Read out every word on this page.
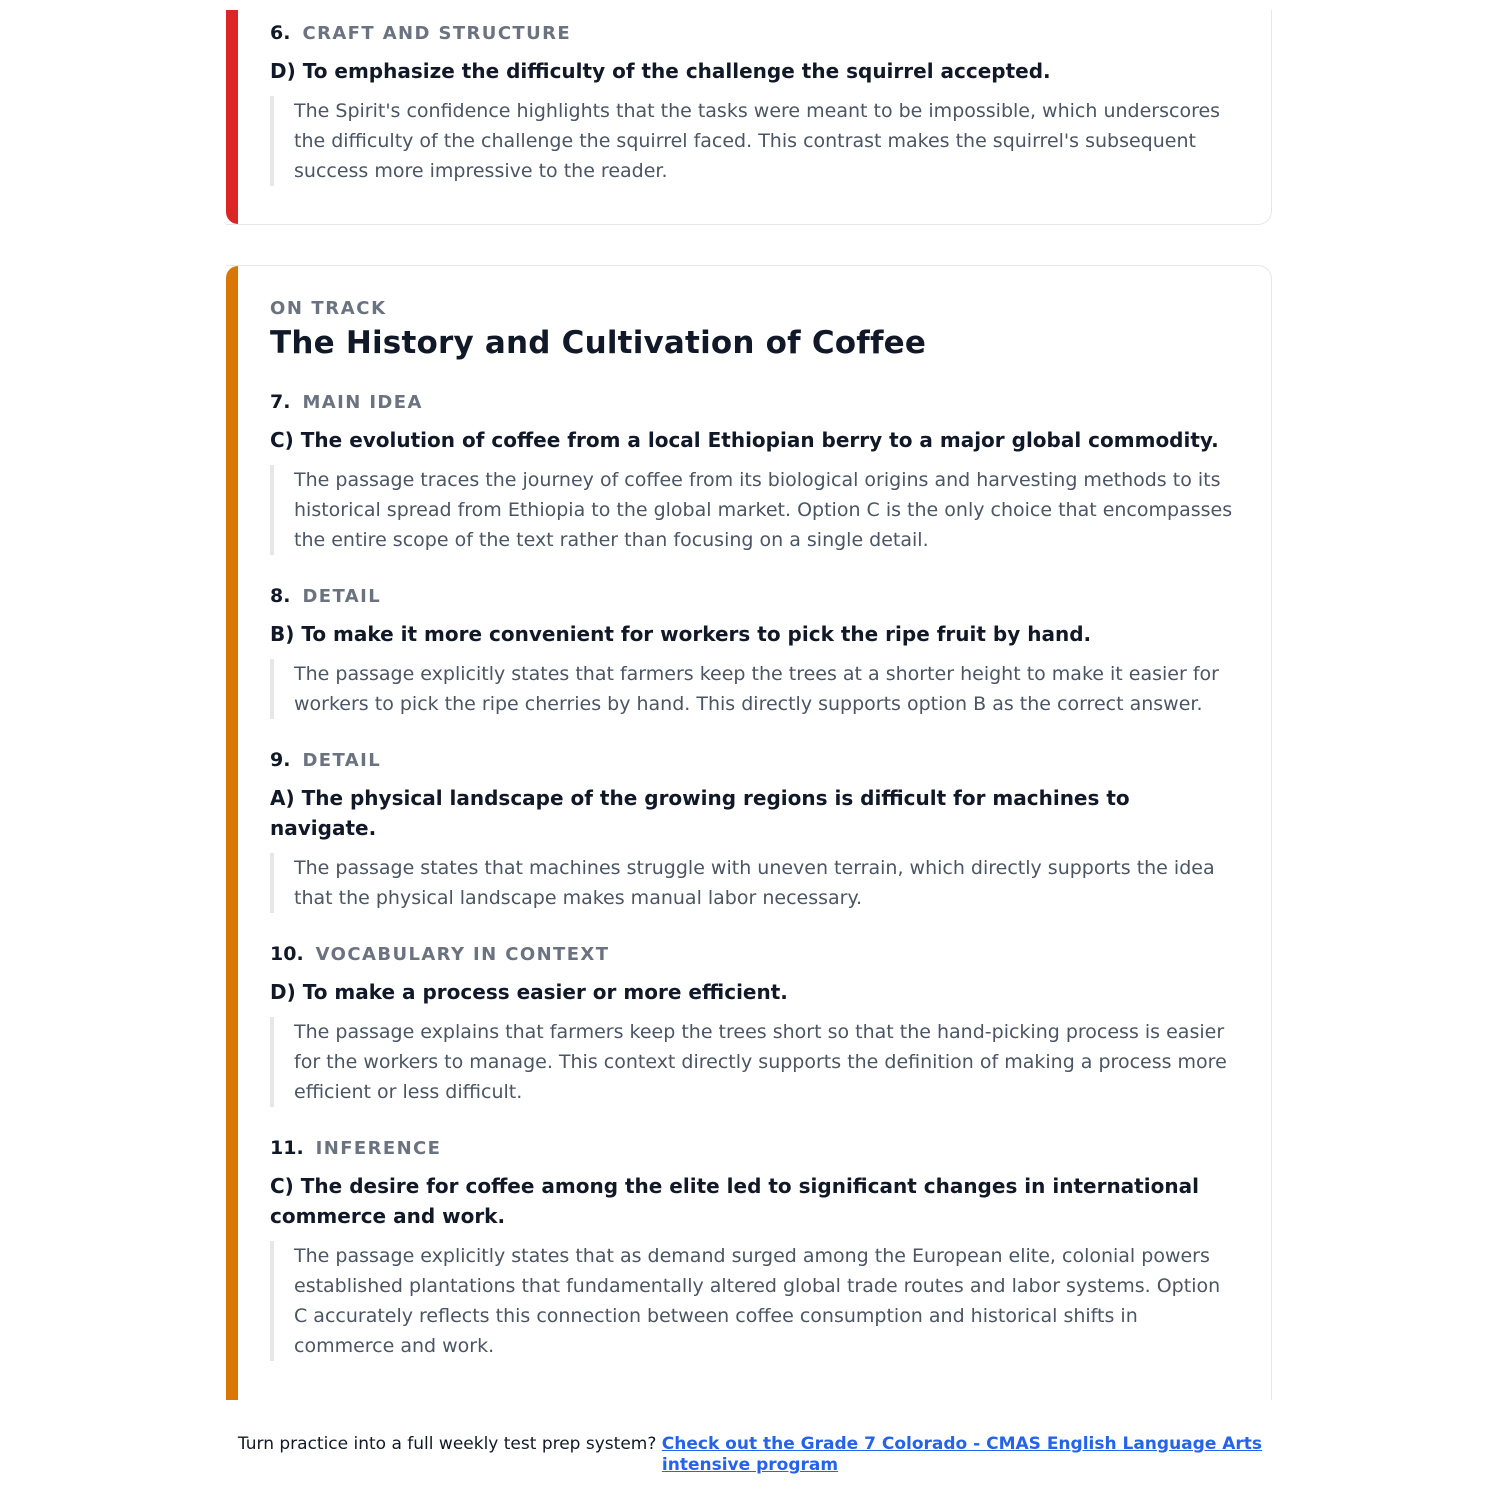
6. CRAFT AND STRUCTURE
D) To emphasize the difficulty of the challenge the squirrel accepted.
The Spirit's confidence highlights that the tasks were meant to be impossible, which underscores the difficulty of the challenge the squirrel faced. This contrast makes the squirrel's subsequent success more impressive to the reader.
ON TRACK
The History and Cultivation of Coffee
7. MAIN IDEA
C) The evolution of coffee from a local Ethiopian berry to a major global commodity.
The passage traces the journey of coffee from its biological origins and harvesting methods to its historical spread from Ethiopia to the global market. Option C is the only choice that encompasses the entire scope of the text rather than focusing on a single detail.
8. DETAIL
B) To make it more convenient for workers to pick the ripe fruit by hand.
The passage explicitly states that farmers keep the trees at a shorter height to make it easier for workers to pick the ripe cherries by hand. This directly supports option B as the correct answer.
9. DETAIL
A) The physical landscape of the growing regions is difficult for machines to navigate.
The passage states that machines struggle with uneven terrain, which directly supports the idea that the physical landscape makes manual labor necessary.
10. VOCABULARY IN CONTEXT
D) To make a process easier or more efficient.
The passage explains that farmers keep the trees short so that the hand-picking process is easier for the workers to manage. This context directly supports the definition of making a process more efficient or less difficult.
11. INFERENCE
C) The desire for coffee among the elite led to significant changes in international commerce and work.
The passage explicitly states that as demand surged among the European elite, colonial powers established plantations that fundamentally altered global trade routes and labor systems. Option C accurately reflects this connection between coffee consumption and historical shifts in commerce and work.
Turn practice into a full weekly test prep system? Check out the Grade 7 Colorado - CMAS English Language Arts intensive program
